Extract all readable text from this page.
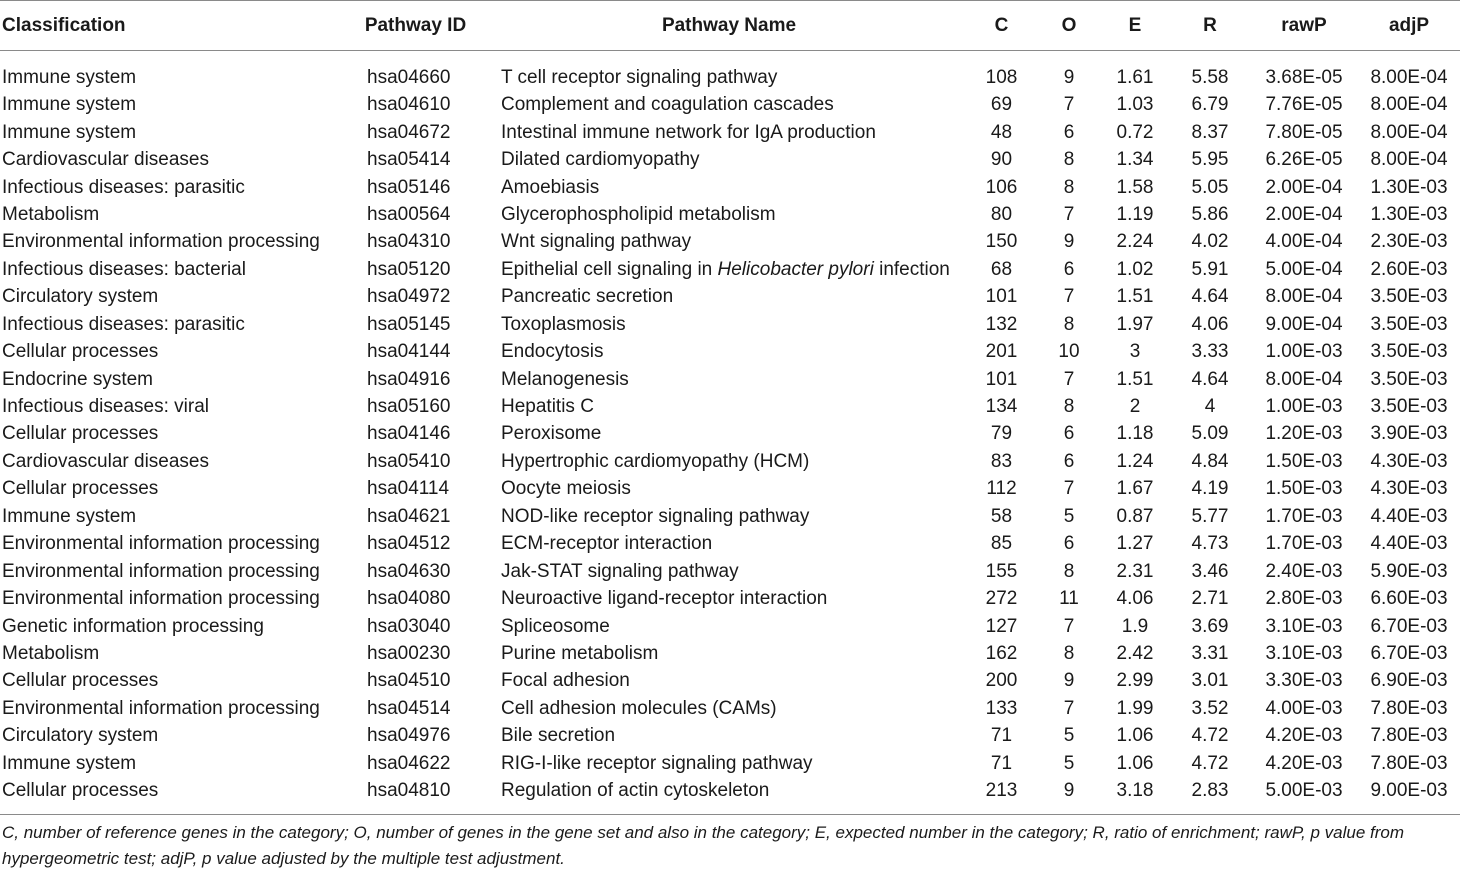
Classification	Pathway ID	Pathway Name	C	O	E	R	rawP	adjP
Immune system	hsa04660	T cell receptor signaling pathway	108	9	1.61	5.58	3.68E-05	8.00E-04
Immune system	hsa04610	Complement and coagulation cascades	69	7	1.03	6.79	7.76E-05	8.00E-04
Immune system	hsa04672	Intestinal immune network for IgA production	48	6	0.72	8.37	7.80E-05	8.00E-04
Cardiovascular diseases	hsa05414	Dilated cardiomyopathy	90	8	1.34	5.95	6.26E-05	8.00E-04
Infectious diseases: parasitic	hsa05146	Amoebiasis	106	8	1.58	5.05	2.00E-04	1.30E-03
Metabolism	hsa00564	Glycerophospholipid metabolism	80	7	1.19	5.86	2.00E-04	1.30E-03
Environmental information processing	hsa04310	Wnt signaling pathway	150	9	2.24	4.02	4.00E-04	2.30E-03
Infectious diseases: bacterial	hsa05120	Epithelial cell signaling in Helicobacter pylori infection	68	6	1.02	5.91	5.00E-04	2.60E-03
Circulatory system	hsa04972	Pancreatic secretion	101	7	1.51	4.64	8.00E-04	3.50E-03
Infectious diseases: parasitic	hsa05145	Toxoplasmosis	132	8	1.97	4.06	9.00E-04	3.50E-03
Cellular processes	hsa04144	Endocytosis	201	10	3	3.33	1.00E-03	3.50E-03
Endocrine system	hsa04916	Melanogenesis	101	7	1.51	4.64	8.00E-04	3.50E-03
Infectious diseases: viral	hsa05160	Hepatitis C	134	8	2	4	1.00E-03	3.50E-03
Cellular processes	hsa04146	Peroxisome	79	6	1.18	5.09	1.20E-03	3.90E-03
Cardiovascular diseases	hsa05410	Hypertrophic cardiomyopathy (HCM)	83	6	1.24	4.84	1.50E-03	4.30E-03
Cellular processes	hsa04114	Oocyte meiosis	112	7	1.67	4.19	1.50E-03	4.30E-03
Immune system	hsa04621	NOD-like receptor signaling pathway	58	5	0.87	5.77	1.70E-03	4.40E-03
Environmental information processing	hsa04512	ECM-receptor interaction	85	6	1.27	4.73	1.70E-03	4.40E-03
Environmental information processing	hsa04630	Jak-STAT signaling pathway	155	8	2.31	3.46	2.40E-03	5.90E-03
Environmental information processing	hsa04080	Neuroactive ligand-receptor interaction	272	11	4.06	2.71	2.80E-03	6.60E-03
Genetic information processing	hsa03040	Spliceosome	127	7	1.9	3.69	3.10E-03	6.70E-03
Metabolism	hsa00230	Purine metabolism	162	8	2.42	3.31	3.10E-03	6.70E-03
Cellular processes	hsa04510	Focal adhesion	200	9	2.99	3.01	3.30E-03	6.90E-03
Environmental information processing	hsa04514	Cell adhesion molecules (CAMs)	133	7	1.99	3.52	4.00E-03	7.80E-03
Circulatory system	hsa04976	Bile secretion	71	5	1.06	4.72	4.20E-03	7.80E-03
Immune system	hsa04622	RIG-I-like receptor signaling pathway	71	5	1.06	4.72	4.20E-03	7.80E-03
Cellular processes	hsa04810	Regulation of actin cytoskeleton	213	9	3.18	2.83	5.00E-03	9.00E-03
C, number of reference genes in the category; O, number of genes in the gene set and also in the category; E, expected number in the category; R, ratio of enrichment; rawP, p value from
hypergeometric test; adjP, p value adjusted by the multiple test adjustment.
